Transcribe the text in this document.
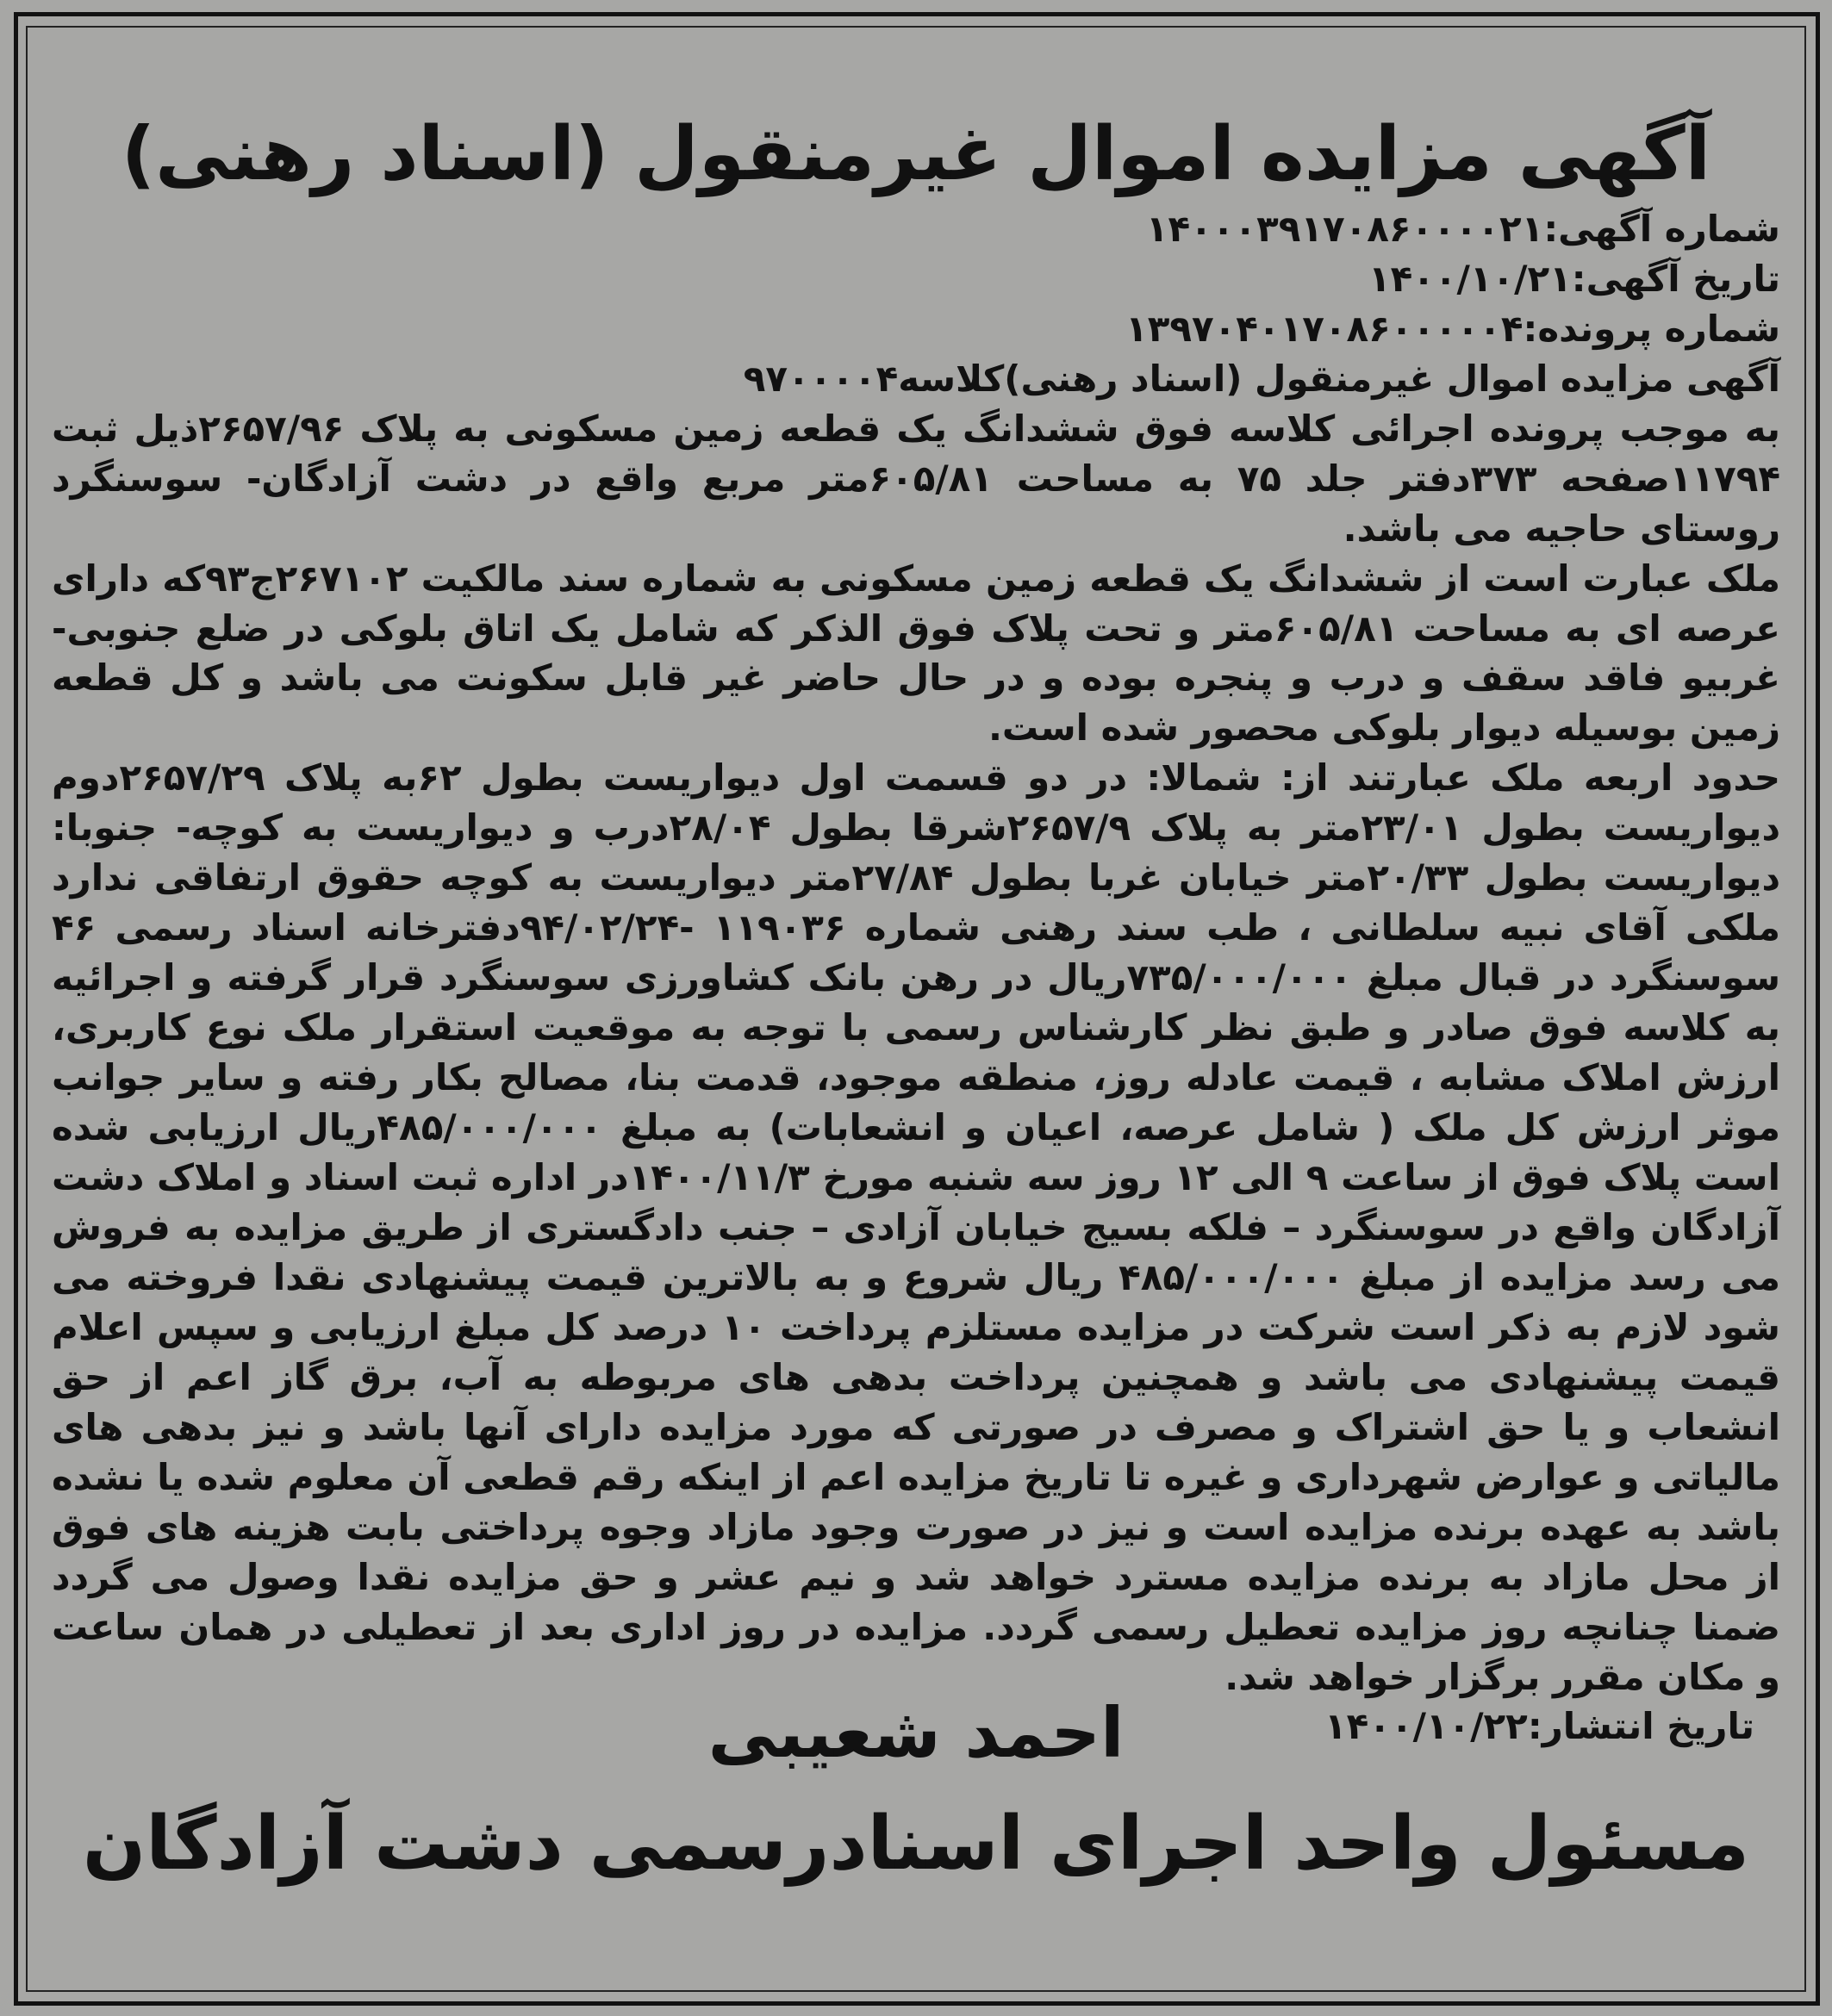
آگهی مزایده اموال غیرمنقول (اسناد رهنی)

شماره آگهی:۱۴۰۰۰۳۹۱۷۰۸۶۰۰۰۰۲۱

تاریخ آگهی:۱۴۰۰/۱۰/۲۱

شماره پرونده:۱۳۹۷۰۴۰۱۷۰۸۶۰۰۰۰۰۴

آگهی مزایده اموال غیرمنقول (اسناد رهنی)کلاسه۹۷۰۰۰۰۴

به موجب پرونده اجرائی کلاسه فوق ششدانگ یک قطعه زمین مسکونی به پلاک ۲۶۵۷/۹۶ذیل ثبت ۱۱۷۹۴صفحه ۳۷۳دفتر جلد ۷۵ به مساحت ۶۰۵/۸۱متر مربع واقع در دشت آزادگان- سوسنگرد روستای حاجیه می باشد.

ملک عبارت است از ششدانگ یک قطعه زمین مسکونی به شماره سند مالکیت ۲۶۷۱۰۲ج۹۳که دارای عرصه ای به مساحت ۶۰۵/۸۱متر و تحت پلاک فوق الذکر که شامل یک اتاق بلوکی در ضلع جنوبی- غربیو فاقد سقف و درب و پنجره بوده و در حال حاضر غیر قابل سکونت می باشد و کل قطعه زمین بوسیله دیوار بلوکی محصور شده است.

حدود اربعه ملک عبارتند از: شمالا: در دو قسمت اول دیواریست بطول ۶۲به پلاک ۲۶۵۷/۲۹دوم دیواریست بطول ۲۳/۰۱متر به پلاک ۲۶۵۷/۹شرقا بطول ۲۸/۰۴درب و دیواریست به کوچه- جنوبا: دیواریست بطول ۲۰/۳۳متر خیابان غربا بطول ۲۷/۸۴متر دیواریست به کوچه حقوق ارتفاقی ندارد ملکی آقای نبیه سلطانی ، طب سند رهنی شماره ۱۱۹۰۳۶ -۹۴/۰۲/۲۴دفترخانه اسناد رسمی ۴۶ سوسنگرد در قبال مبلغ ۷۳۵/۰۰۰/۰۰۰ریال در رهن بانک کشاورزی سوسنگرد قرار گرفته و اجرائیه به کلاسه فوق صادر و طبق نظر کارشناس رسمی با توجه به موقعیت استقرار ملک نوع کاربری، ارزش املاک مشابه ، قیمت عادله روز، منطقه موجود، قدمت بنا، مصالح بکار رفته و سایر جوانب موثر ارزش کل ملک ( شامل عرصه، اعیان و انشعابات) به مبلغ ۴۸۵/۰۰۰/۰۰۰ریال ارزیابی شده است پلاک فوق از ساعت ۹ الی ۱۲ روز سه شنبه مورخ ۱۴۰۰/۱۱/۳در اداره ثبت اسناد و املاک دشت آزادگان واقع در سوسنگرد – فلکه بسیج خیابان آزادی – جنب دادگستری از طریق مزایده به فروش می رسد مزایده از مبلغ ۴۸۵/۰۰۰/۰۰۰ ریال شروع و به بالاترین قیمت پیشنهادی نقدا فروخته می شود لازم به ذکر است شرکت در مزایده مستلزم پرداخت ۱۰ درصد کل مبلغ ارزیابی و سپس اعلام قیمت پیشنهادی می باشد و همچنین پرداخت بدهی های مربوطه به آب، برق گاز اعم از حق انشعاب و یا حق اشتراک و مصرف در صورتی که مورد مزایده دارای آنها باشد و نیز بدهی های مالیاتی و عوارض شهرداری و غیره تا تاریخ مزایده اعم از اینکه رقم قطعی آن معلوم شده یا نشده باشد به عهده برنده مزایده است و نیز در صورت وجود مازاد وجوه پرداختی بابت هزینه های فوق از محل مازاد به برنده مزایده مسترد خواهد شد و نیم عشر و حق مزایده نقدا وصول می گردد ضمنا چنانچه روز مزایده تعطیل رسمی گردد. مزایده در روز اداری بعد از تعطیلی در همان ساعت و مکان مقرر برگزار خواهد شد.

تاریخ انتشار:۱۴۰۰/۱۰/۲۲

احمد شعیبی
مسئول واحد اجرای اسنادرسمی دشت آزادگان
